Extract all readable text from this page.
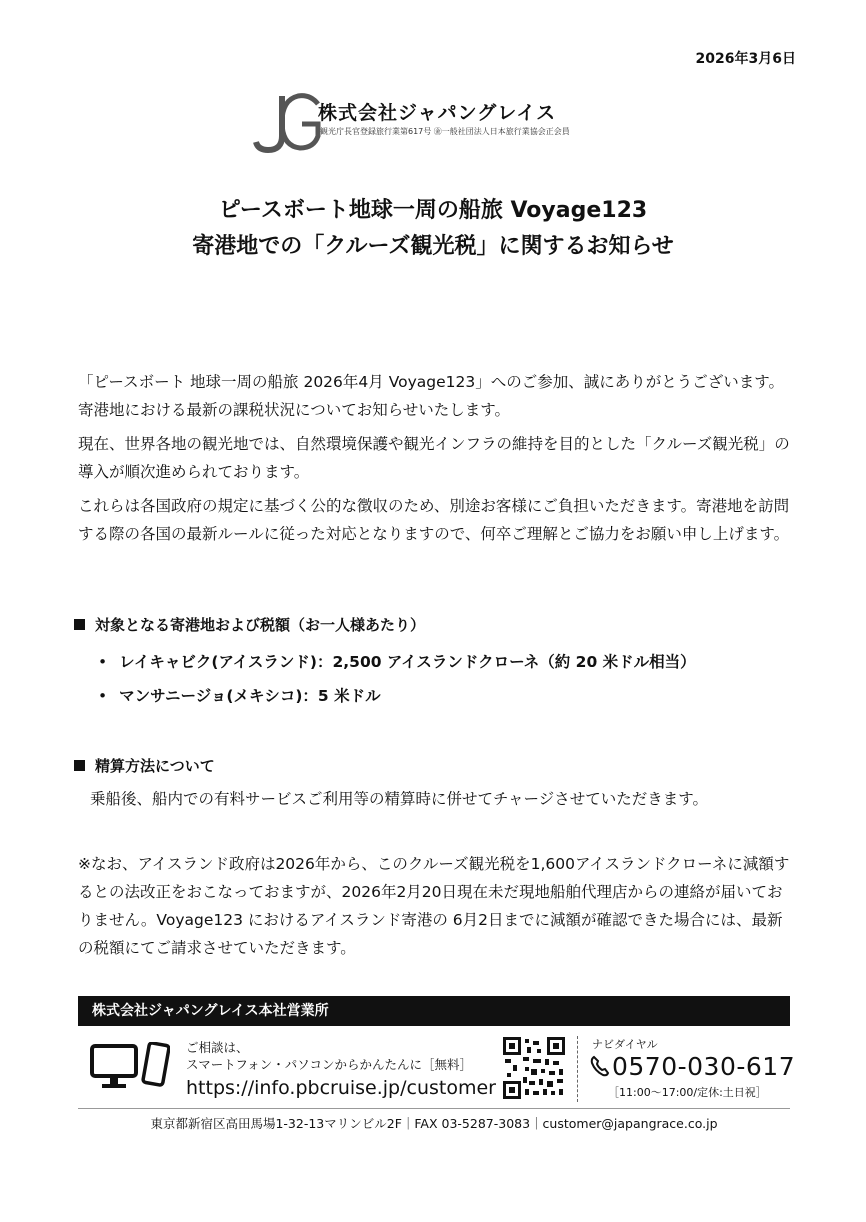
2026年3月6日
株式会社ジャパングレイス
観光庁長官登録旅行業第617号 ㊎一般社団法人日本旅行業協会正会員
ピースボート地球一周の船旅 Voyage123
寄港地での「クルーズ観光税」に関するお知らせ

「ピースボート 地球一周の船旅 2026年4月 Voyage123」へのご参加、誠にありがとうございます。 寄港地における最新の課税状況についてお知らせいたします。

現在、世界各地の観光地では、自然環境保護や観光インフラの維持を目的とした「クルーズ観光税」の導入が順次進められております。

これらは各国政府の規定に基づく公的な徴収のため、別途お客様にご負担いただきます。寄港地を訪問する際の各国の最新ルールに従った対応となりますので、何卒ご理解とご協力をお願い申し上げます。

対象となる寄港地および税額（お一人様あたり）
• レイキャビク(アイスランド)：2,500 アイスランドクローネ（約 20 米ドル相当）
• マンサニージョ(メキシコ)：5 米ドル
精算方法について
乗船後、船内での有料サービスご利用等の精算時に併せてチャージさせていただきます。
※なお、アイスランド政府は2026年から、このクルーズ観光税を1,600アイスランドクローネに減額するとの法改正をおこなっておますが、2026年2月20日現在未だ現地船舶代理店からの連絡が届いておりません。Voyage123 におけるアイスランド寄港の 6月2日までに減額が確認できた場合には、最新の税額にてご請求させていただきます。
株式会社ジャパングレイス本社営業所
ご相談は、
スマートフォン・パソコンからかんたんに［無料］
https://info.pbcruise.jp/customer
ナビダイヤル
0570-030-617
［11:00〜17:00/定休:土日祝］
東京都新宿区高田馬場1-32-13マリンビル2F｜FAX 03-5287-3083｜customer@japangrace.co.jp
